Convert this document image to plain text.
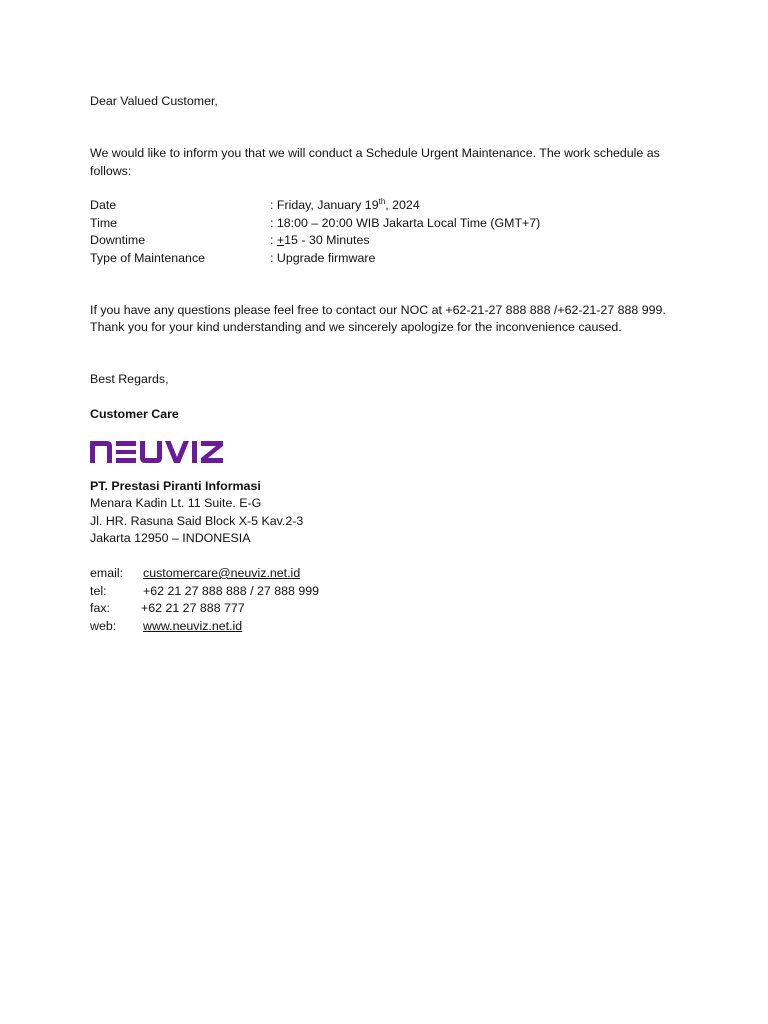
Dear Valued Customer,
We would like to inform you that we will conduct a Schedule Urgent Maintenance. The work schedule as
follows:
Date	: Friday, January 19th, 2024
Time	: 18:00 – 20:00 WIB Jakarta Local Time (GMT+7)
Downtime	: +15 - 30 Minutes
Type of Maintenance	: Upgrade firmware
If you have any questions please feel free to contact our NOC at +62-21-27 888 888 /+62-21-27 888 999.
Thank you for your kind understanding and we sincerely apologize for the inconvenience caused.
Best Regards,
Customer Care
PT. Prestasi Piranti Informasi
Menara Kadin Lt. 11 Suite. E-G
Jl. HR. Rasuna Said Block X-5 Kav.2-3
Jakarta 12950 – INDONESIA
email:	customercare@neuviz.net.id
tel:	+62 21 27 888 888 / 27 888 999
fax:	+62 21 27 888 777
web:	www.neuviz.net.id
